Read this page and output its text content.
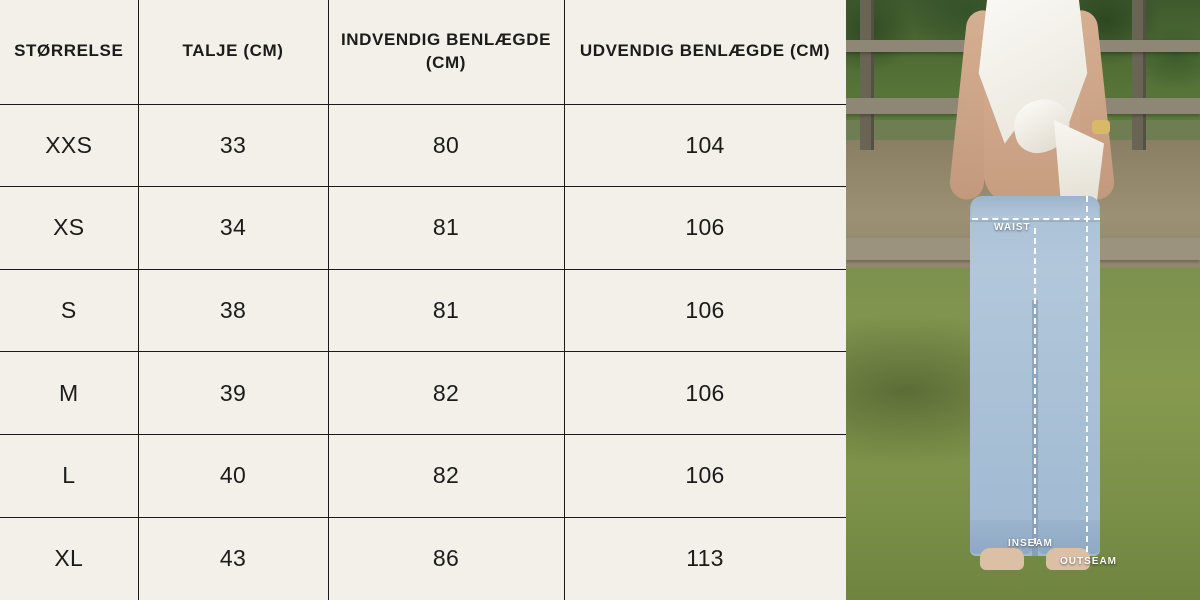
STØRRELSE	TALJE (CM)	INDVENDIG BENLÆGDE (CM)	UDVENDIG BENLÆGDE (CM)
XXS	33	80	104
XS	34	81	106
S	38	81	106
M	39	82	106
L	40	82	106
XL	43	86	113
WAIST
INSEAM
OUTSEAM
